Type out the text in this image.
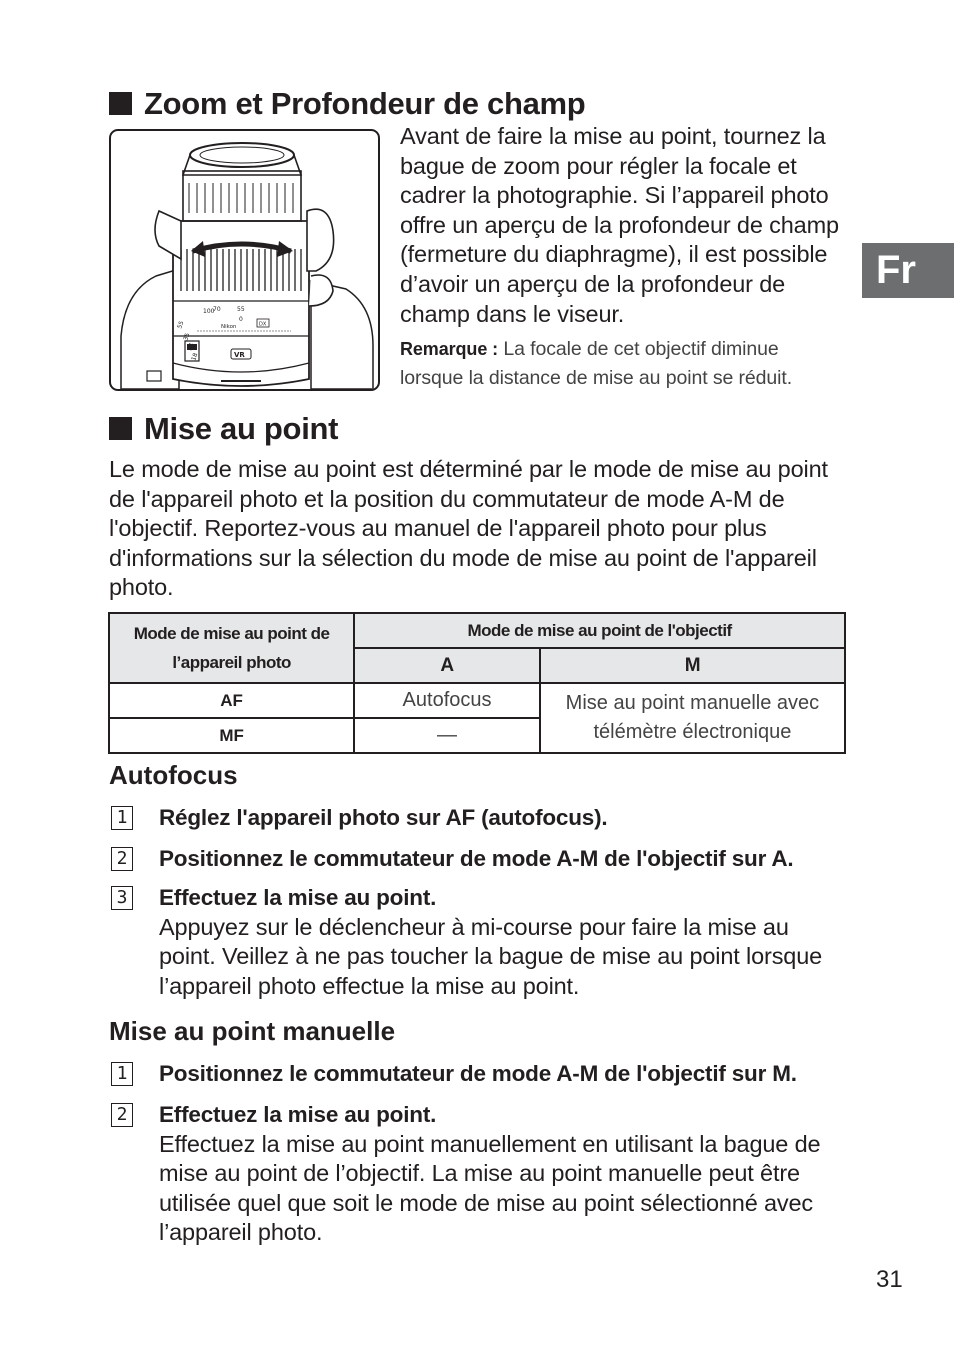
Fr
Zoom et Profondeur de champ
100
70	55
0
Nikon	DX
55
35
18	VR
Avant de faire la mise au point, tournez la bague de zoom pour régler la focale et cadrer la photographie. Si l’appareil photo offre un aperçu de la profondeur de champ (fermeture du diaphragme), il est possible d’avoir un aperçu de la profondeur de champ dans le viseur.
Remarque : La focale de cet objectif diminue lorsque la distance de mise au point se réduit.
Mise au point
Le mode de mise au point est déterminé par le mode de mise au point de l'appareil photo et la position du commutateur de mode A-M de l'objectif. Reportez-vous au manuel de l'appareil photo pour plus d'informations sur la sélection du mode de mise au point de l'appareil photo.
Mode de mise au point de
l’appareil photo	Mode de mise au point de l'objectif	
	A	M
AF	Autofocus	Mise au point manuelle avec
télémètre électronique

MF	—	
Autofocus
1 Réglez l'appareil photo sur AF (autofocus).
2 Positionnez le commutateur de mode A-M de l'objectif sur A.
3 Effectuez la mise au point.
Appuyez sur le déclencheur à mi-course pour faire la mise au point. Veillez à ne pas toucher la bague de mise au point lorsque l’appareil photo effectue la mise au point.
Mise au point manuelle
1 Positionnez le commutateur de mode A-M de l'objectif sur M.
2 Effectuez la mise au point.
Effectuez la mise au point manuellement en utilisant la bague de mise au point de l’objectif. La mise au point manuelle peut être utilisée quel que soit le mode de mise au point sélectionné avec l’appareil photo.
31
